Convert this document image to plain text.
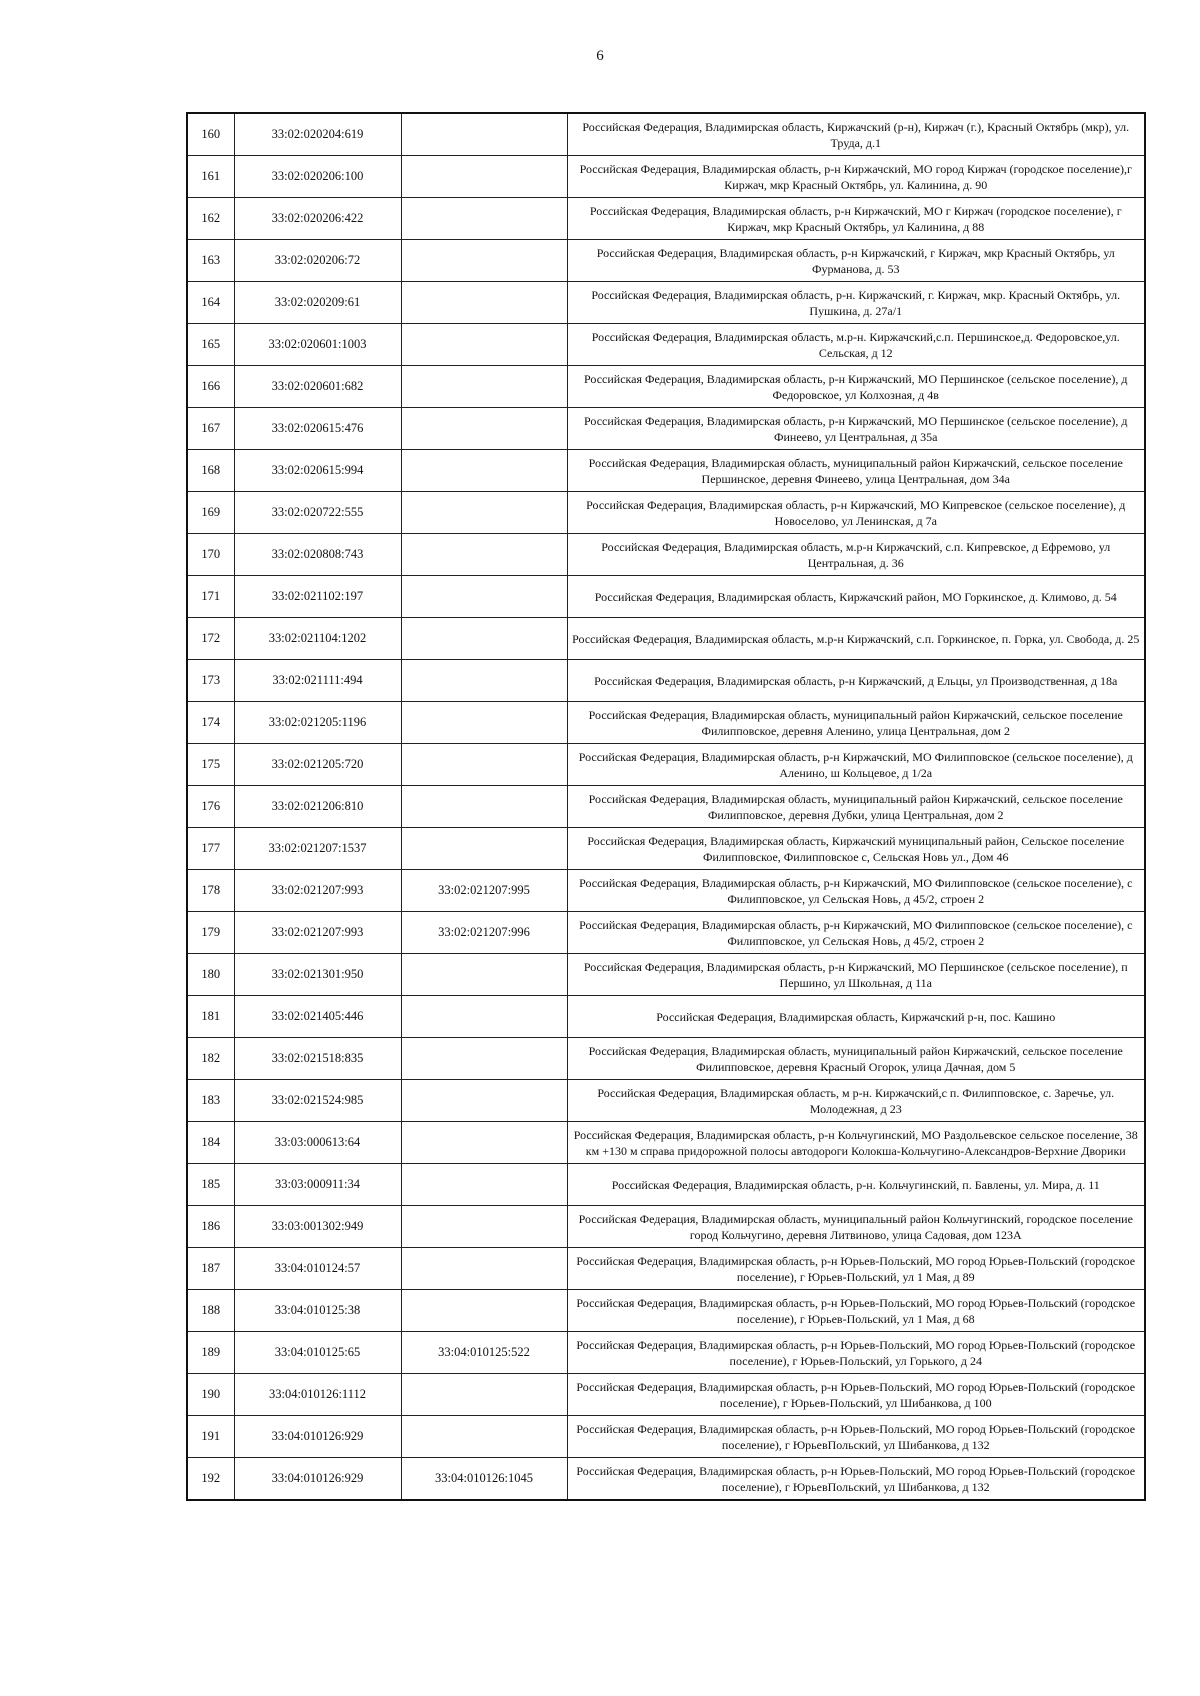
6
160	33:02:020204:619		Российская Федерация, Владимирская область, Киржачский (р-н), Киржач (г.), Красный Октябрь (мкр), ул. Труда, д.1
161	33:02:020206:100		Российская Федерация, Владимирская область, р-н Киржачский, МО город Киржач (городское поселение),г Киржач, мкр Красный Октябрь, ул. Калинина, д. 90
162	33:02:020206:422		Российская Федерация, Владимирская область, р-н Киржачский, МО г Киржач (городское поселение), г Киржач, мкр Красный Октябрь, ул Калинина, д 88
163	33:02:020206:72		Российская Федерация, Владимирская область, р-н Киржачский, г Киржач, мкр Красный Октябрь, ул Фурманова, д. 53
164	33:02:020209:61		Российская Федерация, Владимирская область, р-н. Киржачский, г. Киржач, мкр. Красный Октябрь, ул. Пушкина, д. 27а/1
165	33:02:020601:1003		Российская Федерация, Владимирская область, м.р-н. Киржачский,с.п. Першинское,д. Федоровское,ул. Сельская, д 12
166	33:02:020601:682		Российская Федерация, Владимирская область, р-н Киржачский, МО Першинское (сельское поселение), д Федоровское, ул Колхозная, д 4в
167	33:02:020615:476		Российская Федерация, Владимирская область, р-н Киржачский, МО Першинское (сельское поселение), д Финеево, ул Центральная, д 35а
168	33:02:020615:994		Российская Федерация, Владимирская область, муниципальный район Киржачский, сельское поселение Першинское, деревня Финеево, улица Центральная, дом 34а
169	33:02:020722:555		Российская Федерация, Владимирская область, р-н Киржачский, МО Кипревское (сельское поселение), д Новоселово, ул Ленинская, д 7а
170	33:02:020808:743		Российская Федерация, Владимирская область, м.р-н Киржачский, с.п. Кипревское, д Ефремово, ул Центральная, д. 36
171	33:02:021102:197		Российская Федерация, Владимирская область, Киржачский район, МО Горкинское, д. Климово, д. 54
172	33:02:021104:1202		Российская Федерация, Владимирская область, м.р-н Киржачский, с.п. Горкинское, п. Горка, ул. Свобода, д. 25
173	33:02:021111:494		Российская Федерация, Владимирская область, р-н Киржачский, д Ельцы, ул Производственная, д 18а
174	33:02:021205:1196		Российская Федерация, Владимирская область, муниципальный район Киржачский, сельское поселение Филипповское, деревня Аленино, улица Центральная, дом 2
175	33:02:021205:720		Российская Федерация, Владимирская область, р-н Киржачский, МО Филипповское (сельское поселение), д Аленино, ш Кольцевое, д 1/2а
176	33:02:021206:810		Российская Федерация, Владимирская область, муниципальный район Киржачский, сельское поселение Филипповское, деревня Дубки, улица Центральная, дом 2
177	33:02:021207:1537		Российская Федерация, Владимирская область, Киржачский муниципальный район, Сельское поселение Филипповское, Филипповское с, Сельская Новь ул., Дом 46
178	33:02:021207:993	33:02:021207:995	Российская Федерация, Владимирская область, р-н Киржачский, МО Филипповское (сельское поселение), с Филипповское, ул Сельская Новь, д 45/2, строен 2
179	33:02:021207:993	33:02:021207:996	Российская Федерация, Владимирская область, р-н Киржачский, МО Филипповское (сельское поселение), с Филипповское, ул Сельская Новь, д 45/2, строен 2
180	33:02:021301:950		Российская Федерация, Владимирская область, р-н Киржачский, МО Першинское (сельское поселение), п Першино, ул Школьная, д 11а
181	33:02:021405:446		Российская Федерация, Владимирская область, Киржачский р-н, пос. Кашино
182	33:02:021518:835		Российская Федерация, Владимирская область, муниципальный район Киржачский, сельское поселение Филипповское, деревня Красный Огорок, улица Дачная, дом 5
183	33:02:021524:985		Российская Федерация, Владимирская область, м р-н. Киржачский,с п. Филипповское, с. Заречье, ул. Молодежная, д 23
184	33:03:000613:64		Российская Федерация, Владимирская область, р-н Кольчугинский, МО Раздольевское сельское поселение, 38 км +130 м справа придорожной полосы автодороги Колокша-Кольчугино-Александров-Верхние Дворики
185	33:03:000911:34		Российская Федерация, Владимирская область, р-н. Кольчугинский, п. Бавлены, ул. Мира, д. 11
186	33:03:001302:949		Российская Федерация, Владимирская область, муниципальный район Кольчугинский, городское поселение город Кольчугино, деревня Литвиново, улица Садовая, дом 123А
187	33:04:010124:57		Российская Федерация, Владимирская область, р-н Юрьев-Польский, МО город Юрьев-Польский (городское поселение), г Юрьев-Польский, ул 1 Мая, д 89
188	33:04:010125:38		Российская Федерация, Владимирская область, р-н Юрьев-Польский, МО город Юрьев-Польский (городское поселение), г Юрьев-Польский, ул 1 Мая, д 68
189	33:04:010125:65	33:04:010125:522	Российская Федерация, Владимирская область, р-н Юрьев-Польский, МО город Юрьев-Польский (городское поселение), г Юрьев-Польский, ул Горького, д 24
190	33:04:010126:1112		Российская Федерация, Владимирская область, р-н Юрьев-Польский, МО город Юрьев-Польский (городское поселение), г Юрьев-Польский, ул Шибанкова, д 100
191	33:04:010126:929		Российская Федерация, Владимирская область, р-н Юрьев-Польский, МО город Юрьев-Польский (городское поселение), г ЮрьевПольский, ул Шибанкова, д 132
192	33:04:010126:929	33:04:010126:1045	Российская Федерация, Владимирская область, р-н Юрьев-Польский, МО город Юрьев-Польский (городское поселение), г ЮрьевПольский, ул Шибанкова, д 132
